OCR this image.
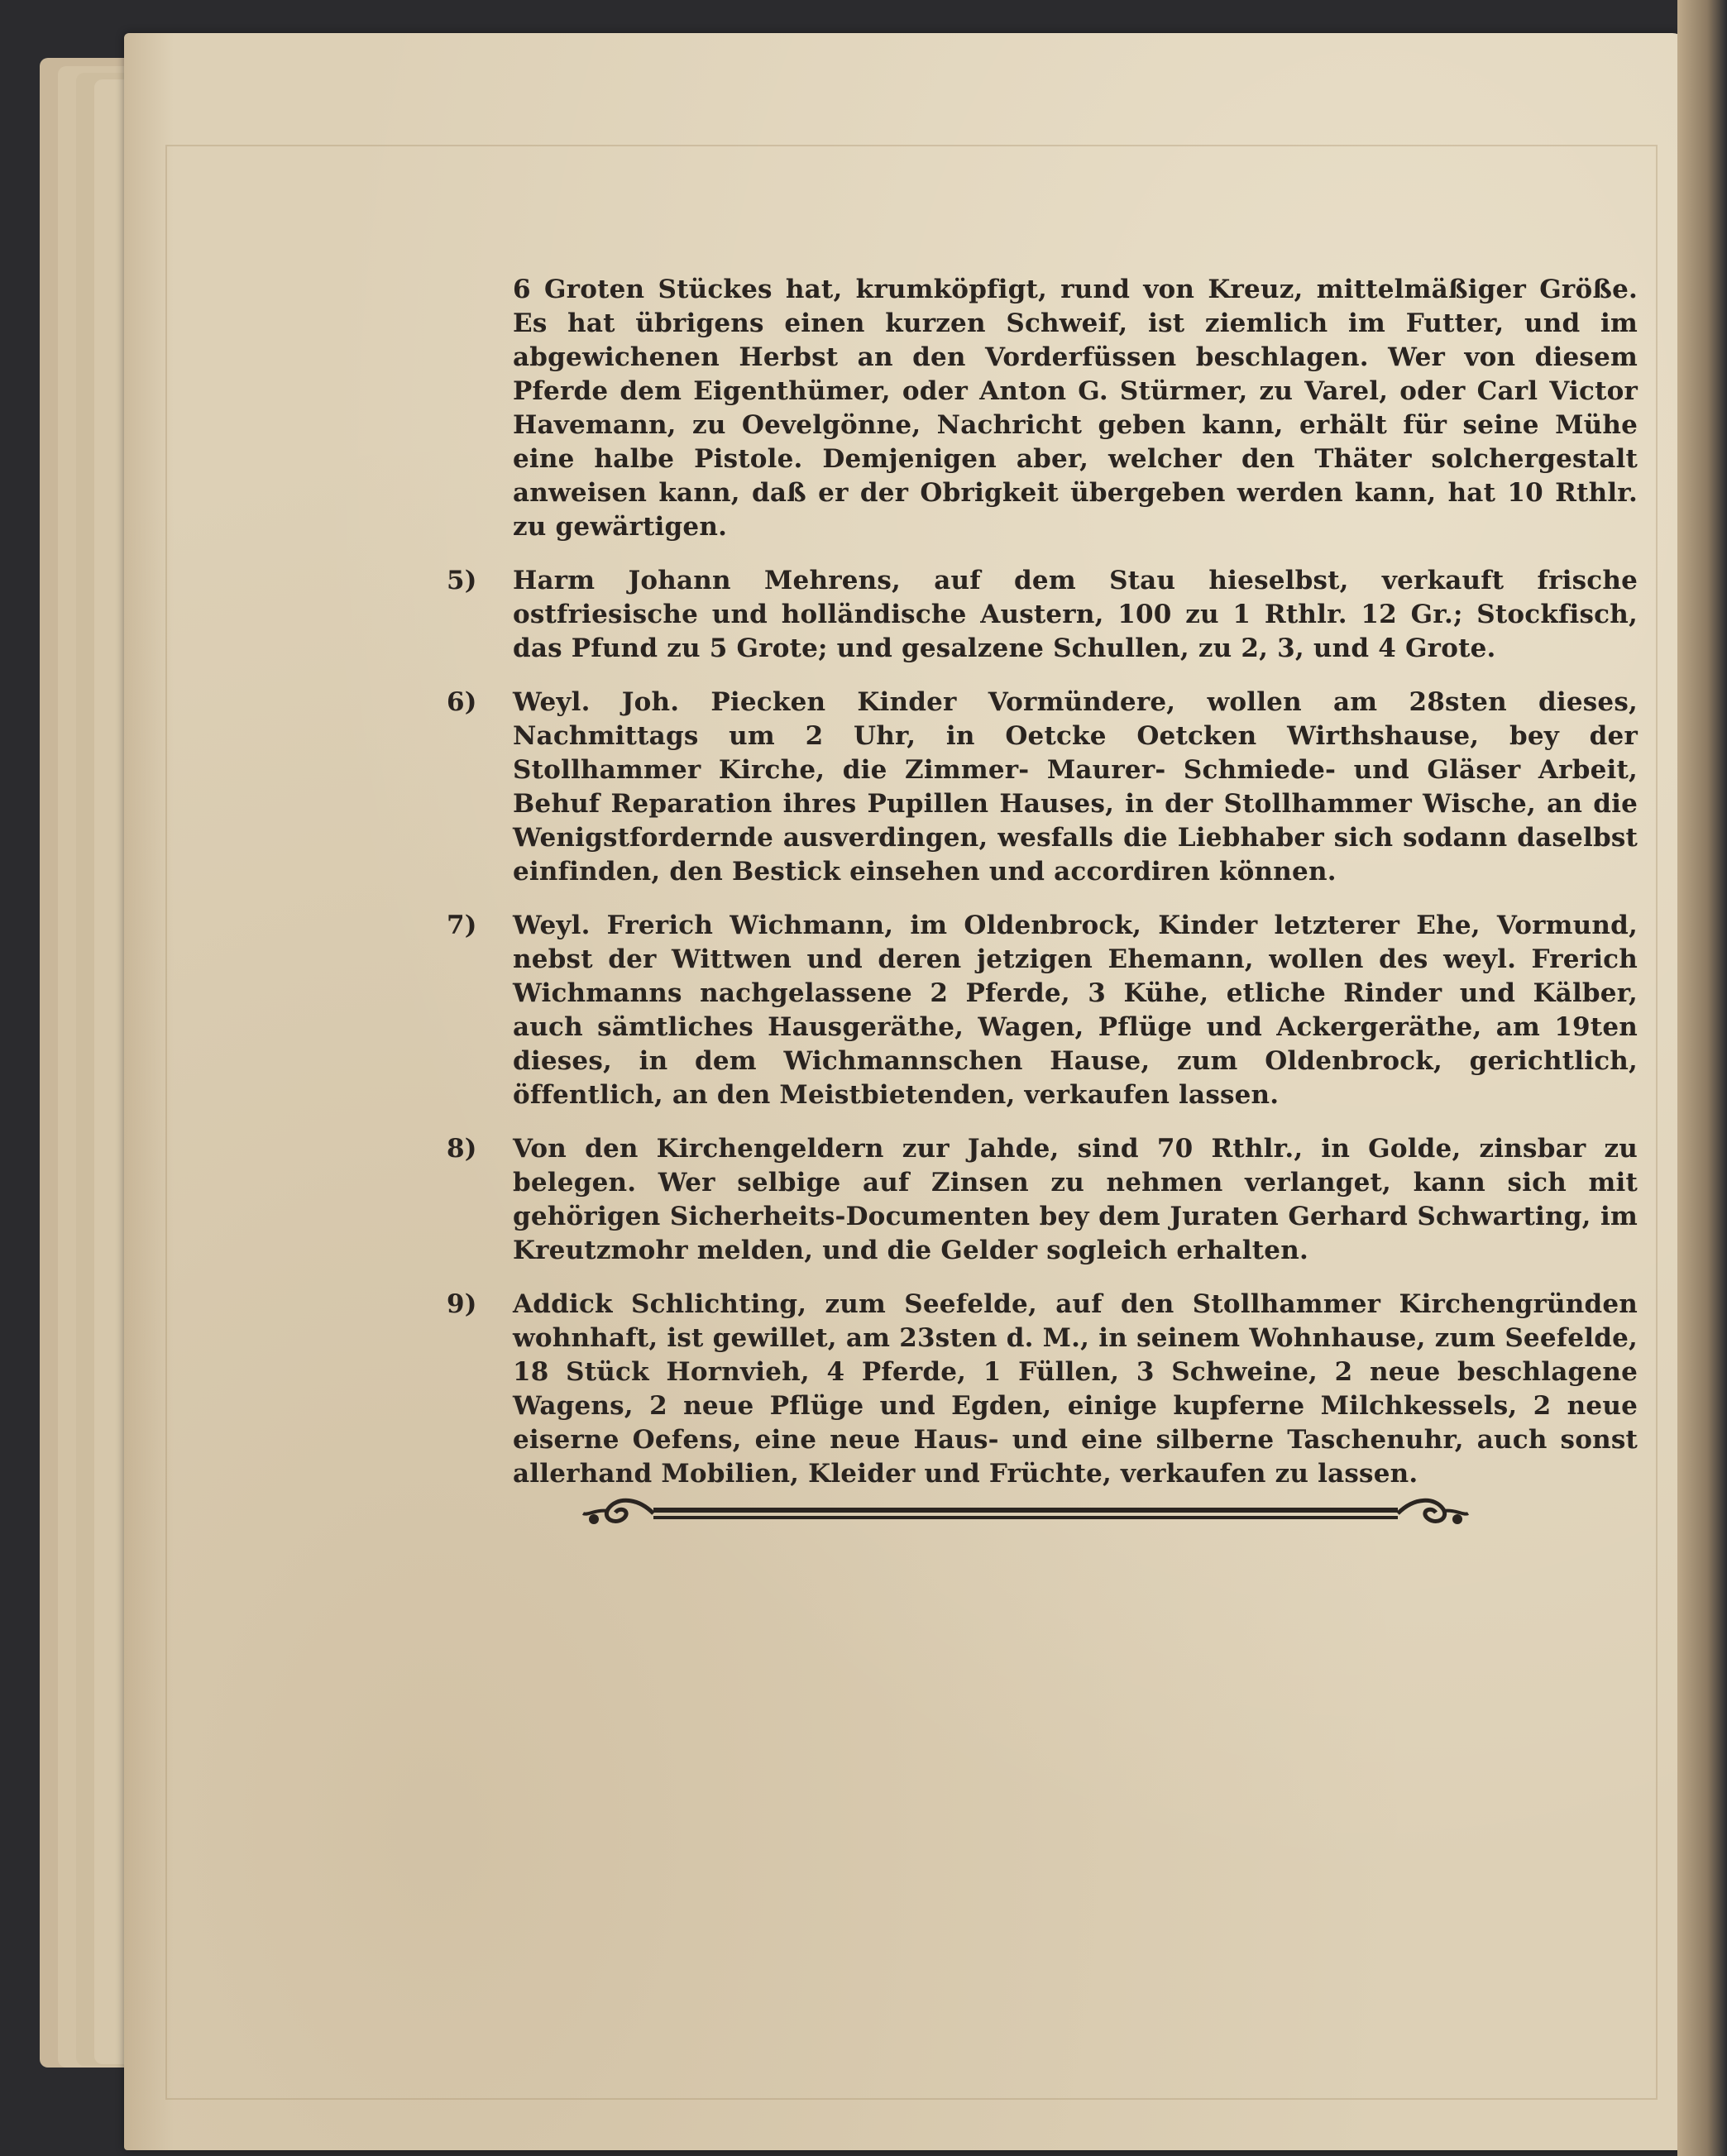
6 Groten Stückes hat, krumköpfigt, rund von Kreuz, mittelmäßiger Größe. Es hat übrigens einen kurzen Schweif, ist ziemlich im Futter, und im abgewichenen Herbst an den Vorderfüssen beschlagen. Wer von diesem Pferde dem Eigenthümer, oder Anton G. Stürmer, zu Varel, oder Carl Victor Havemann, zu Oevelgönne, Nachricht geben kann, erhält für seine Mühe eine halbe Pistole. Demjenigen aber, welcher den Thäter solchergestalt anweisen kann, daß er der Obrigkeit übergeben werden kann, hat 10 Rthlr. zu gewärtigen.

5) Harm Johann Mehrens, auf dem Stau hieselbst, verkauft frische ostfriesische und holländische Austern, 100 zu 1 Rthlr. 12 Gr.; Stockfisch, das Pfund zu 5 Grote; und gesalzene Schullen, zu 2, 3, und 4 Grote.

6) Weyl. Joh. Piecken Kinder Vormündere, wollen am 28sten dieses, Nachmittags um 2 Uhr, in Oetcke Oetcken Wirthshause, bey der Stollhammer Kirche, die Zimmer- Maurer- Schmiede- und Gläser Arbeit, Behuf Reparation ihres Pupillen Hauses, in der Stollhammer Wische, an die Wenigstfordernde ausverdingen, wesfalls die Liebhaber sich sodann daselbst einfinden, den Bestick einsehen und accordiren können.

7) Weyl. Frerich Wichmann, im Oldenbrock, Kinder letzterer Ehe, Vormund, nebst der Wittwen und deren jetzigen Ehemann, wollen des weyl. Frerich Wichmanns nachgelassene 2 Pferde, 3 Kühe, etliche Rinder und Kälber, auch sämtliches Hausgeräthe, Wagen, Pflüge und Ackergeräthe, am 19ten dieses, in dem Wichmannschen Hause, zum Oldenbrock, gerichtlich, öffentlich, an den Meistbietenden, verkaufen lassen.

8) Von den Kirchengeldern zur Jahde, sind 70 Rthlr., in Golde, zinsbar zu belegen. Wer selbige auf Zinsen zu nehmen verlanget, kann sich mit gehörigen Sicherheits-Documenten bey dem Juraten Gerhard Schwarting, im Kreutzmohr melden, und die Gelder sogleich erhalten.

9) Addick Schlichting, zum Seefelde, auf den Stollhammer Kirchengründen wohnhaft, ist gewillet, am 23sten d. M., in seinem Wohnhause, zum Seefelde, 18 Stück Hornvieh, 4 Pferde, 1 Füllen, 3 Schweine, 2 neue beschlagene Wagens, 2 neue Pflüge und Egden, einige kupferne Milchkessels, 2 neue eiserne Oefens, eine neue Haus- und eine silberne Taschenuhr, auch sonst allerhand Mobilien, Kleider und Früchte, verkaufen zu lassen.
